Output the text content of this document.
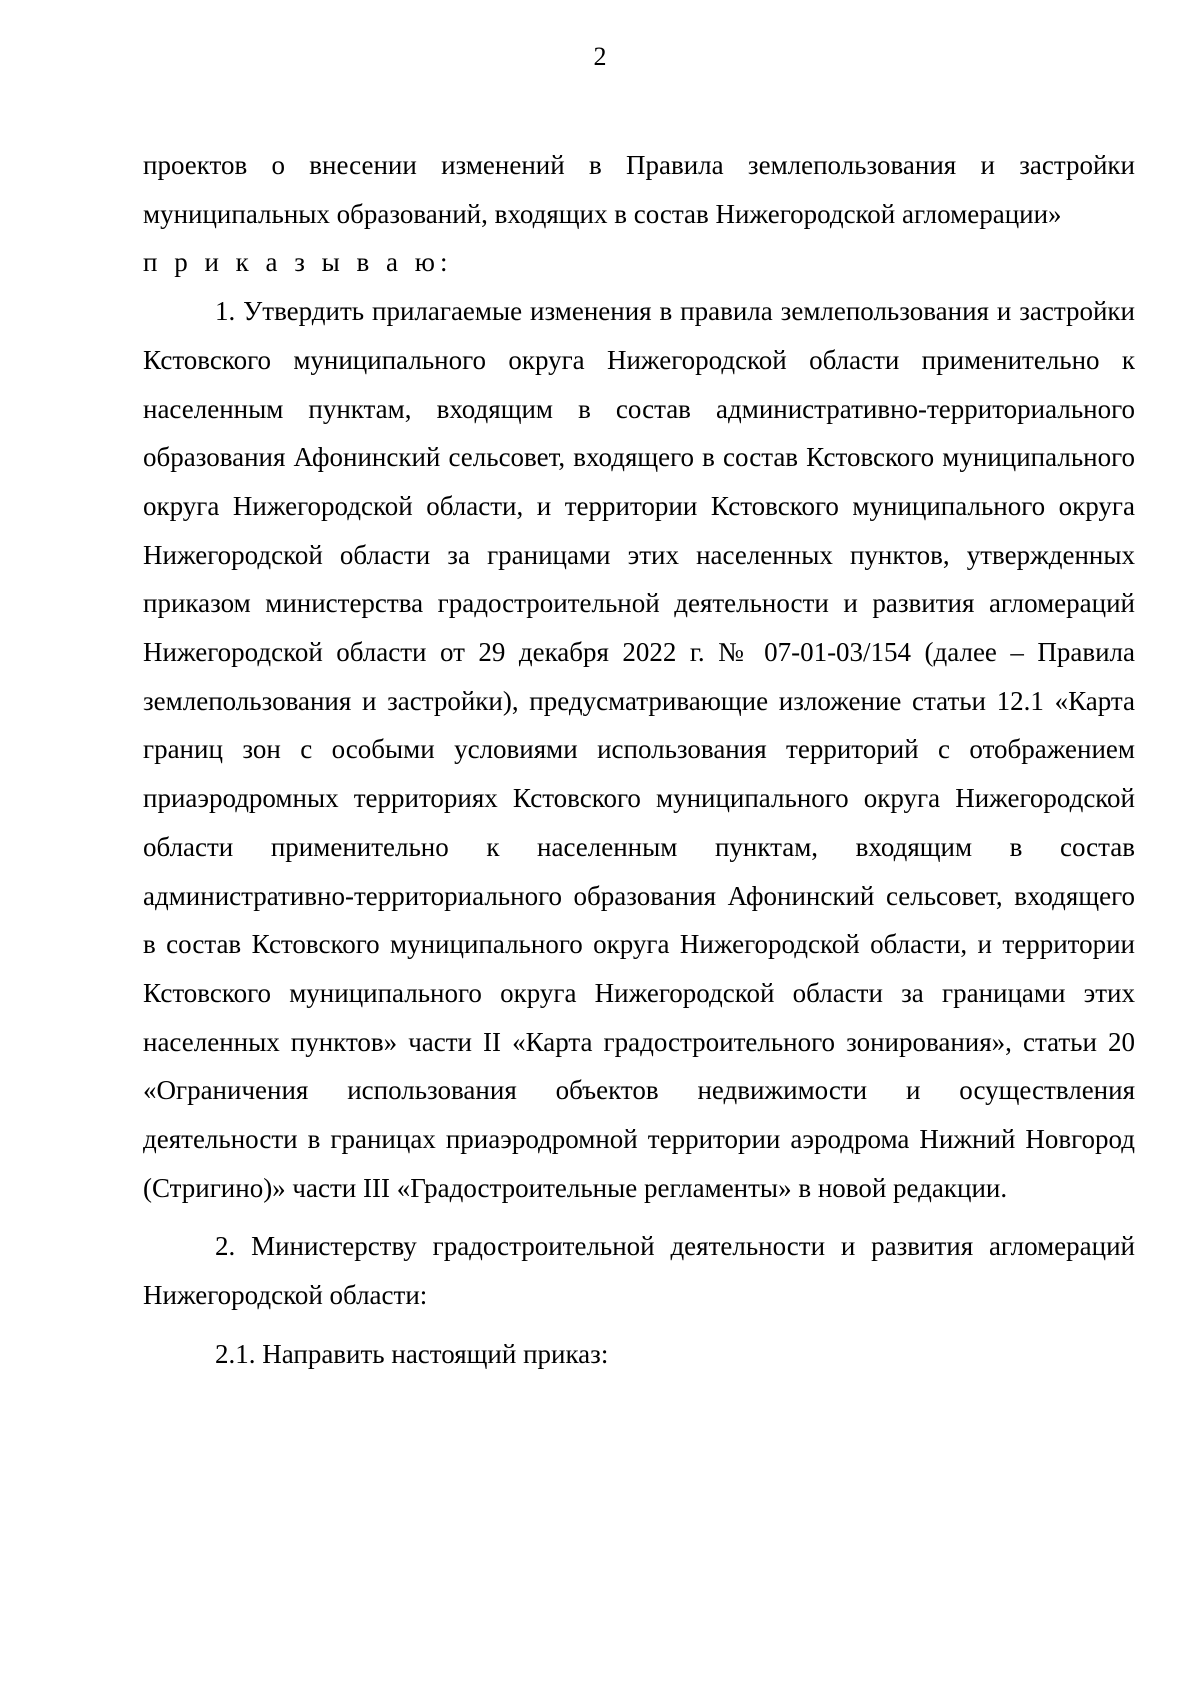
2

проектов о внесении изменений в Правила землепользования и застройки муниципальных образований, входящих в состав Нижегородской агломерации»

п р и к а з ы в а ю:

1. Утвердить прилагаемые изменения в правила землепользования и застройки Кстовского муниципального округа Нижегородской области применительно к населенным пунктам, входящим в состав административно-территориального образования Афонинский сельсовет, входящего в состав Кстовского муниципального округа Нижегородской области, и территории Кстовского муниципального округа Нижегородской области за границами этих населенных пунктов, утвержденных приказом министерства градостроительной деятельности и развития агломераций Нижегородской области от 29 декабря 2022 г. № 07-01-03/154 (далее – Правила землепользования и застройки), предусматривающие изложение статьи 12.1 «Карта границ зон с особыми условиями использования территорий с отображением приаэродромных территориях Кстовского муниципального округа Нижегородской области применительно к населенным пунктам, входящим в состав административно-территориального образования Афонинский сельсовет, входящего в состав Кстовского муниципального округа Нижегородской области, и территории Кстовского муниципального округа Нижегородской области за границами этих населенных пунктов» части II «Карта градостроительного зонирования», статьи 20 «Ограничения использования объектов недвижимости и осуществления деятельности в границах приаэродромной территории аэродрома Нижний Новгород (Стригино)» части III «Градостроительные регламенты» в новой редакции.

2. Министерству градостроительной деятельности и развития агломераций Нижегородской области:

2.1. Направить настоящий приказ:
